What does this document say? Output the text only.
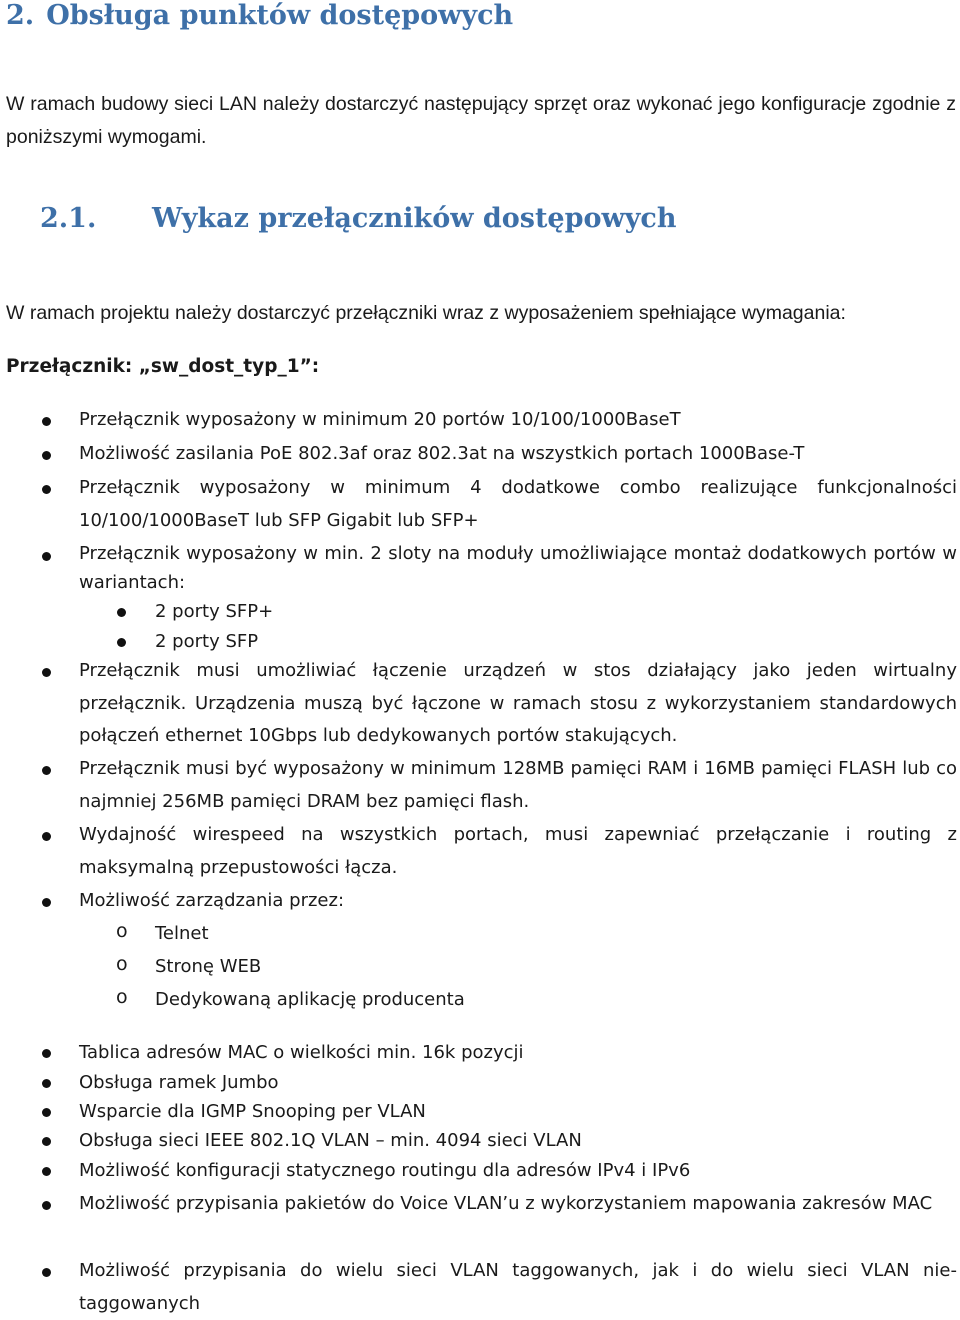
2. Obsługa punktów dostępowych

W ramach budowy sieci LAN należy dostarczyć następujący sprzęt oraz wykonać jego konfiguracje zgodnie z poniższymi wymogami.

2.1. Wykaz przełączników dostępowych

W ramach projektu należy dostarczyć przełączniki wraz z wyposażeniem spełniające wymagania:

Przełącznik: „sw_dost_typ_1”:

Przełącznik wyposażony w minimum 20 portów 10/100/1000BaseT
Możliwość zasilania PoE 802.3af oraz 802.3at na wszystkich portach 1000Base-T
Przełącznik wyposażony w minimum 4 dodatkowe combo realizujące funkcjonalności 10/100/1000BaseT lub SFP Gigabit lub SFP+
Przełącznik wyposażony w min. 2 sloty na moduły umożliwiające montaż dodatkowych portów w wariantach:
2 porty SFP+
2 porty SFP
Przełącznik musi umożliwiać łączenie urządzeń w stos działający jako jeden wirtualny przełącznik. Urządzenia muszą być łączone w ramach stosu z wykorzystaniem standardowych połączeń ethernet 10Gbps lub dedykowanych portów stakujących.
Przełącznik musi być wyposażony w minimum 128MB pamięci RAM i 16MB pamięci FLASH lub co najmniej 256MB pamięci DRAM bez pamięci flash.
Wydajność wirespeed na wszystkich portach, musi zapewniać przełączanie i routing z maksymalną przepustowości łącza.
Możliwość zarządzania przez:
o Telnet
o Stronę WEB
o Dedykowaną aplikację producenta
Tablica adresów MAC o wielkości min. 16k pozycji
Obsługa ramek Jumbo
Wsparcie dla IGMP Snooping per VLAN
Obsługa sieci IEEE 802.1Q VLAN – min. 4094 sieci VLAN
Możliwość konfiguracji statycznego routingu dla adresów IPv4 i IPv6
Możliwość przypisania pakietów do Voice VLAN’u z wykorzystaniem mapowania zakresów MAC
Możliwość przypisania do wielu sieci VLAN taggowanych, jak i do wielu sieci VLAN nie-taggowanych
